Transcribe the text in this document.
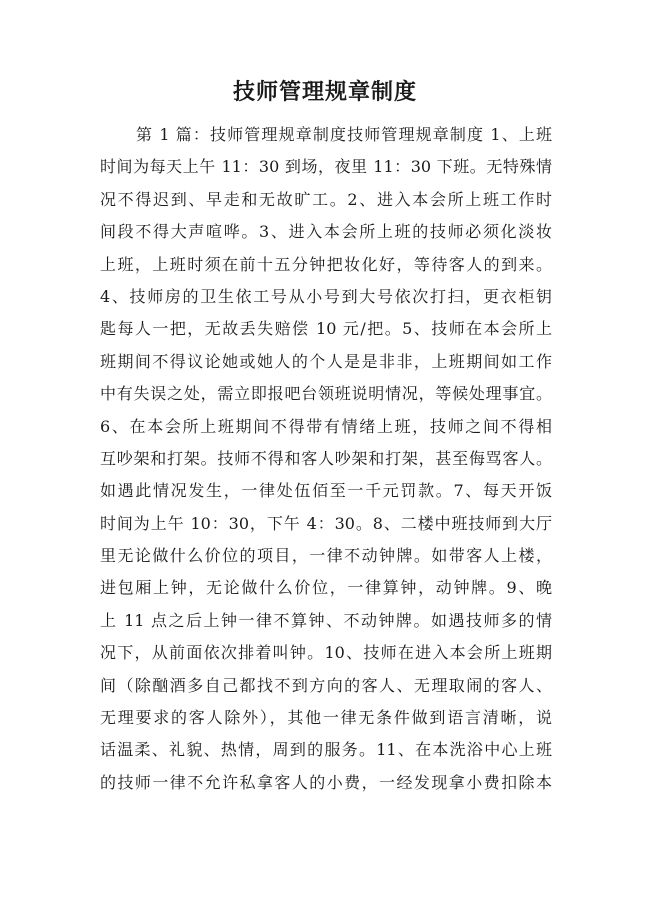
技师管理规章制度
第 1 篇：技师管理规章制度技师管理规章制度 1、上班
时间为每天上午 11：30 到场，夜里 11：30 下班。无特殊情
况不得迟到、早走和无故旷工。2、进入本会所上班工作时
间段不得大声喧哗。3、进入本会所上班的技师必须化淡妆
上班，上班时须在前十五分钟把妆化好，等待客人的到来。
4、技师房的卫生依工号从小号到大号依次打扫，更衣柜钥
匙每人一把，无故丢失赔偿 10 元/把。5、技师在本会所上
班期间不得议论她或她人的个人是是非非，上班期间如工作
中有失误之处，需立即报吧台领班说明情况，等候处理事宜。
6、在本会所上班期间不得带有情绪上班，技师之间不得相
互吵架和打架。技师不得和客人吵架和打架，甚至侮骂客人。
如遇此情况发生，一律处伍佰至一千元罚款。7、每天开饭
时间为上午 10：30，下午 4：30。8、二楼中班技师到大厅
里无论做什么价位的项目，一律不动钟牌。如带客人上楼，
进包厢上钟，无论做什么价位，一律算钟，动钟牌。9、晚
上 11 点之后上钟一律不算钟、不动钟牌。如遇技师多的情
况下，从前面依次排着叫钟。10、技师在进入本会所上班期
间（除酗酒多自己都找不到方向的客人、无理取闹的客人、
无理要求的客人除外），其他一律无条件做到语言清晰，说
话温柔、礼貌、热情，周到的服务。11、在本洗浴中心上班
的技师一律不允许私拿客人的小费，一经发现拿小费扣除本
